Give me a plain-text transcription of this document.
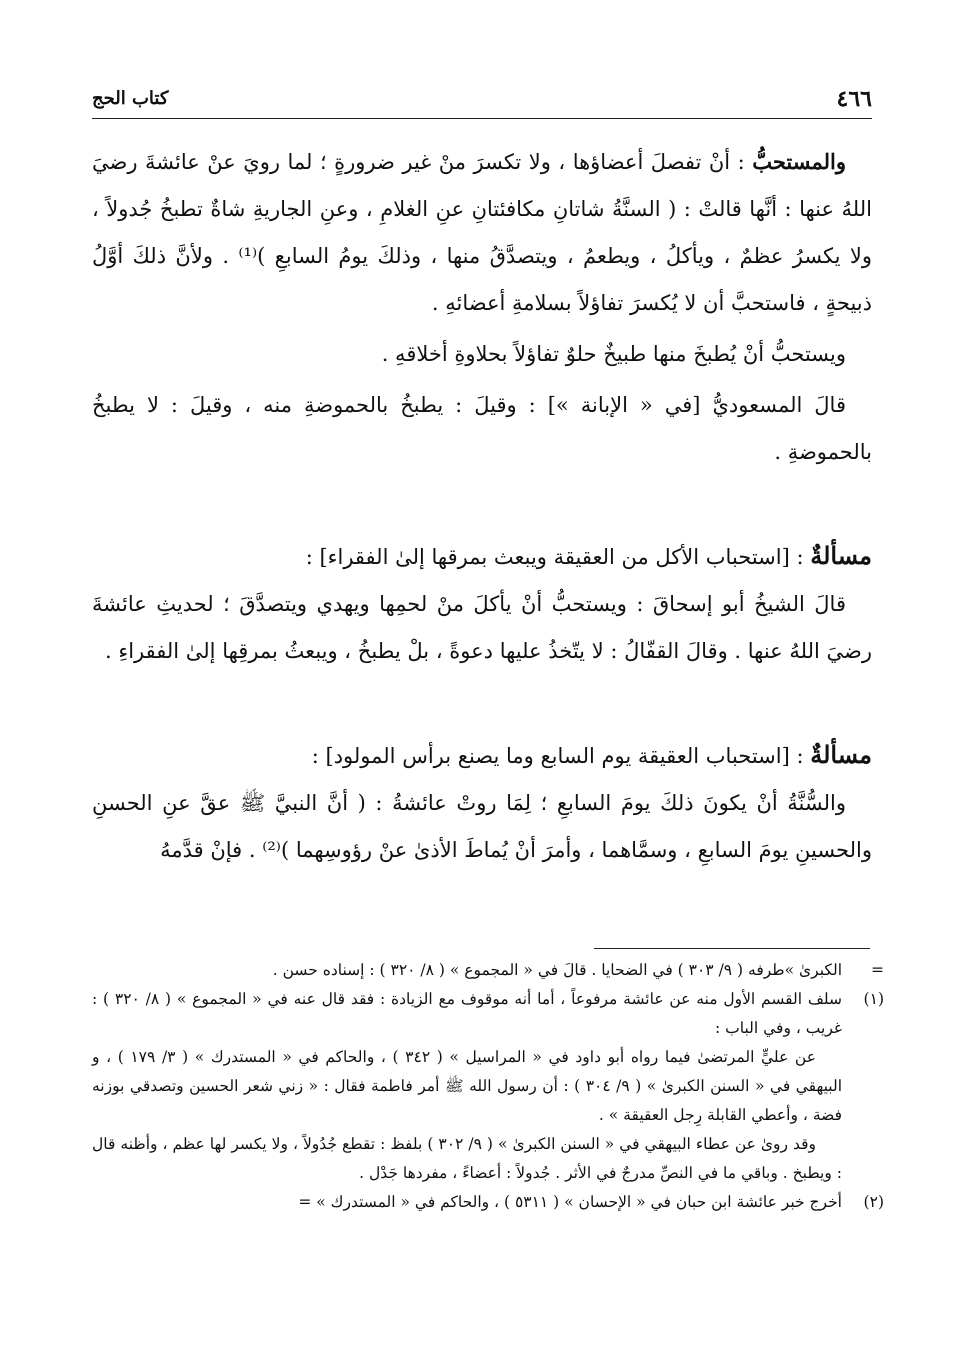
٤٦٦
كتاب الحج

والمستحبُّ : أنْ تفصلَ أعضاؤها ، ولا تكسرَ منْ غير ضرورةٍ ؛ لما رويَ عنْ عائشةَ رضيَ اللهُ عنها : أنَّها قالتْ : ( السنَّةُ شاتانِ مكافئتانِ عنِ الغلامِ ، وعنِ الجاريةِ شاةٌ تطبخُ جُدولاً ، ولا يكسرُ عظمٌ ، ويأكلُ ، ويطعمُ ، ويتصدَّقُ منها ، وذلكَ يومُ السابعِ )⁽¹⁾ . ولأنَّ ذلكَ أوَّلُ ذبيحةٍ ، فاستحبَّ أن لا يُكسرَ تفاؤلاً بسلامةِ أعضائهِ .

ويستحبُّ أنْ يُطبخَ منها طبيخٌ حلوٌ تفاؤلاً بحلاوةِ أخلاقهِ .

قالَ المسعوديُّ [في « الإبانة »] : وقيلَ : يطبخُ بالحموضةِ منه ، وقيلَ : لا يطبخُ بالحموضةِ .

مسألةٌ : [استحباب الأكل من العقيقة ويبعث بمرقها إلىٰ الفقراء] :

قالَ الشيخُ أبو إسحاقَ : ويستحبُّ أنْ يأكلَ منْ لحمِها ويهدي ويتصدَّقَ ؛ لحديثِ عائشةَ رضيَ اللهُ عنها . وقالَ القفّالُ : لا يتّخذُ عليها دعوةً ، بلْ يطبخُ ، ويبعثُ بمرقِها إلىٰ الفقراءِ .

مسألةٌ : [استحباب العقيقة يوم السابع وما يصنع برأس المولود] :

والسُّنَّةُ أنْ يكونَ ذلكَ يومَ السابعِ ؛ لِمَا روتْ عائشةُ : ( أنَّ النبيَّ ﷺ عقَّ عنِ الحسنِ والحسينِ يومَ السابعِ ، وسمَّاهما ، وأمرَ أنْ يُماطَ الأذىٰ عنْ رؤوسِهما )⁽²⁾ . فإنْ قدَّمهُ

=

الكبرىٰ »طرفه ( ٩/ ٣٠٣ ) في الضحايا . قالَ في « المجموع » ( ٨/ ٣٢٠ ) : إسناده حسن .

(١)

سلف القسم الأول منه عن عائشة مرفوعاً ، أما أنه موقوف مع الزيادة : فقد قال عنه في « المجموع » ( ٨/ ٣٢٠ ) : غريب ، وفي الباب :

عن عليٍّ المرتضىٰ فيما رواه أبو داود في « المراسيل » ( ٣٤٢ ) ، والحاكم في « المستدرك » ( ٣/ ١٧٩ ) ، و البيهقي في « السنن الكبرىٰ » ( ٩/ ٣٠٤ ) : أن رسول الله ﷺ أمر فاطمة فقال : « زني شعر الحسين وتصدقي بوزنه فضة ، وأعطي القابلة رِجل العقيقة » .

وقد روىٰ عن عطاء البيهقي في « السنن الكبرىٰ » ( ٩/ ٣٠٢ ) بلفظ : تقطع جُدُولاً ، ولا يكسر لها عظم ، وأظنه قال : ويطبخ . وباقي ما في النصِّ مدرجٌ في الأثر . جُدولاً : أعضاءً ، مفردها جَدْل .

(٢)

أخرج خبر عائشة ابن حبان في « الإحسان » ( ٥٣١١ ) ، والحاكم في « المستدرك » =
